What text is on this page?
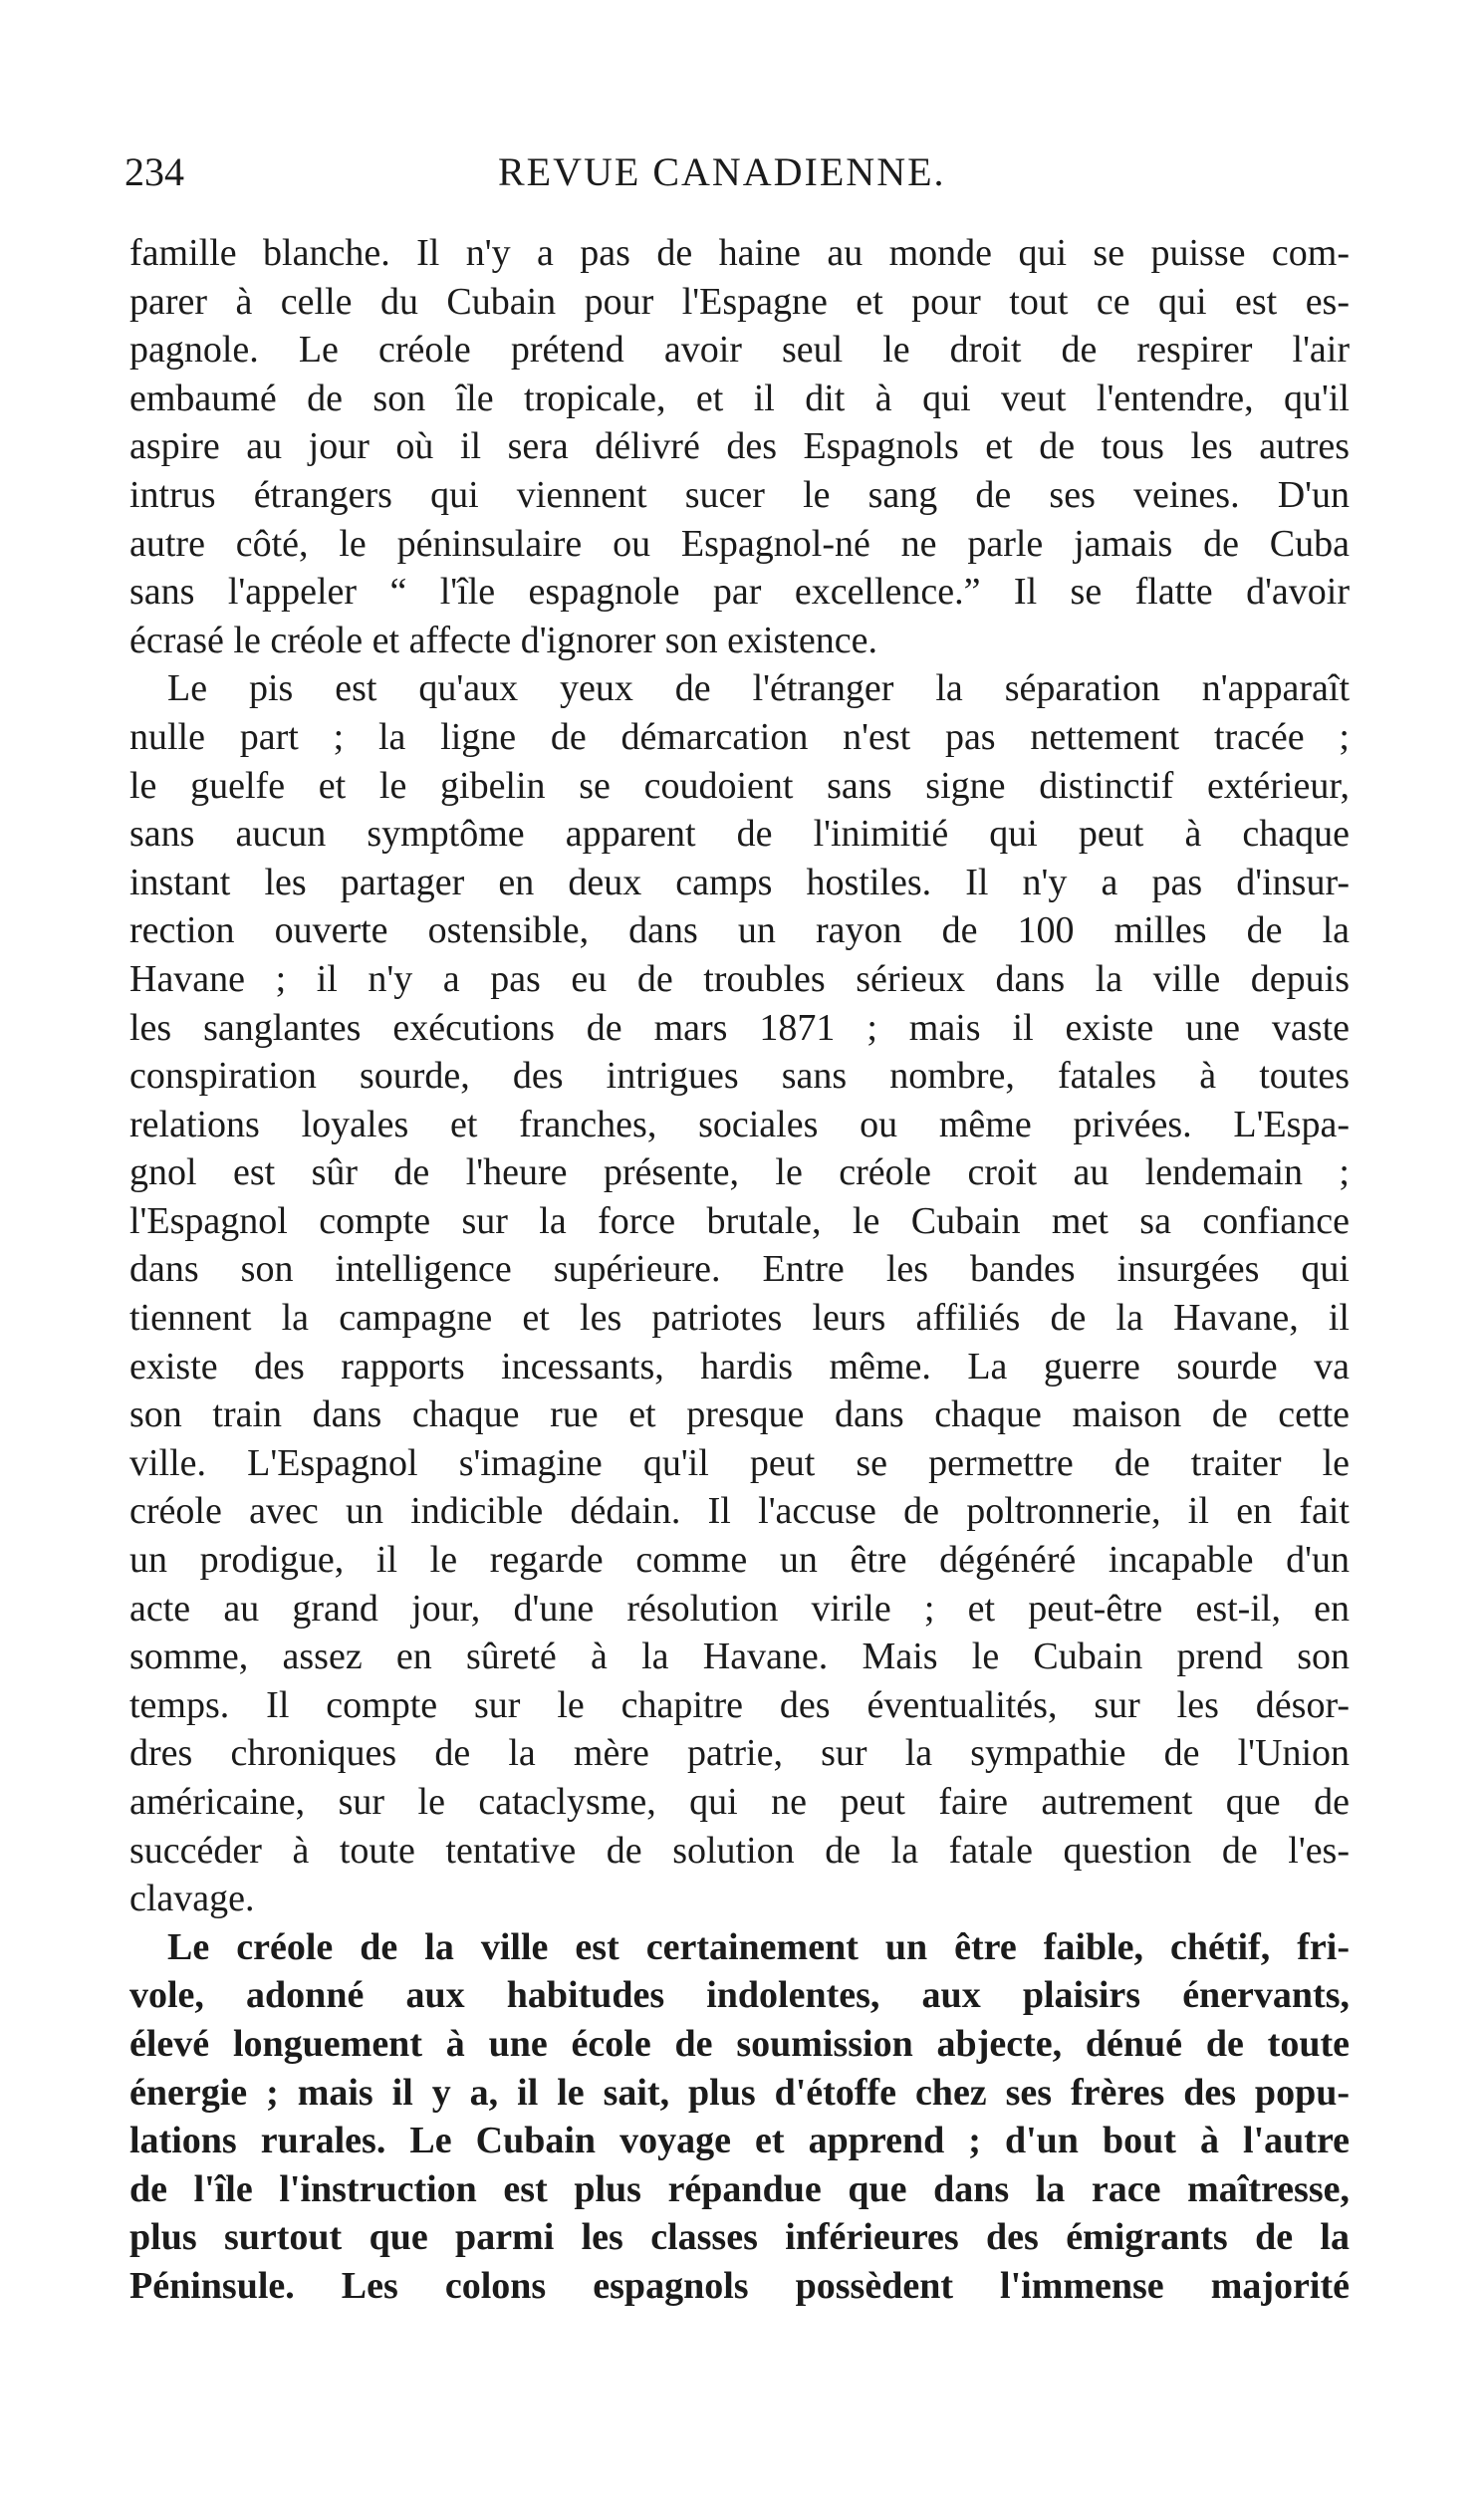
234	REVUE CANADIENNE.
famille blanche. Il n'y a pas de haine au monde qui se puisse com-
parer à celle du Cubain pour l'Espagne et pour tout ce qui est es-
pagnole. Le créole prétend avoir seul le droit de respirer l'air
embaumé de son île tropicale, et il dit à qui veut l'entendre, qu'il
aspire au jour où il sera délivré des Espagnols et de tous les autres
intrus étrangers qui viennent sucer le sang de ses veines. D'un
autre côté, le péninsulaire ou Espagnol-né ne parle jamais de Cuba
sans l'appeler “ l'île espagnole par excellence.” Il se flatte d'avoir
écrasé le créole et affecte d'ignorer son existence.
Le pis est qu'aux yeux de l'étranger la séparation n'apparaît
nulle part ; la ligne de démarcation n'est pas nettement tracée ;
le guelfe et le gibelin se coudoient sans signe distinctif extérieur,
sans aucun symptôme apparent de l'inimitié qui peut à chaque
instant les partager en deux camps hostiles. Il n'y a pas d'insur-
rection ouverte ostensible, dans un rayon de 100 milles de la
Havane ; il n'y a pas eu de troubles sérieux dans la ville depuis
les sanglantes exécutions de mars 1871 ; mais il existe une vaste
conspiration sourde, des intrigues sans nombre, fatales à toutes
relations loyales et franches, sociales ou même privées. L'Espa-
gnol est sûr de l'heure présente, le créole croit au lendemain ;
l'Espagnol compte sur la force brutale, le Cubain met sa confiance
dans son intelligence supérieure. Entre les bandes insurgées qui
tiennent la campagne et les patriotes leurs affiliés de la Havane, il
existe des rapports incessants, hardis même. La guerre sourde va
son train dans chaque rue et presque dans chaque maison de cette
ville. L'Espagnol s'imagine qu'il peut se permettre de traiter le
créole avec un indicible dédain. Il l'accuse de poltronnerie, il en fait
un prodigue, il le regarde comme un être dégénéré incapable d'un
acte au grand jour, d'une résolution virile ; et peut-être est-il, en
somme, assez en sûreté à la Havane. Mais le Cubain prend son
temps. Il compte sur le chapitre des éventualités, sur les désor-
dres chroniques de la mère patrie, sur la sympathie de l'Union
américaine, sur le cataclysme, qui ne peut faire autrement que de
succéder à toute tentative de solution de la fatale question de l'es-
clavage.
Le créole de la ville est certainement un être faible, chétif, fri-
vole, adonné aux habitudes indolentes, aux plaisirs énervants,
élevé longuement à une école de soumission abjecte, dénué de toute
énergie ; mais il y a, il le sait, plus d'étoffe chez ses frères des popu-
lations rurales. Le Cubain voyage et apprend ; d'un bout à l'autre
de l'île l'instruction est plus répandue que dans la race maîtresse,
plus surtout que parmi les classes inférieures des émigrants de la
Péninsule. Les colons espagnols possèdent l'immense majorité
